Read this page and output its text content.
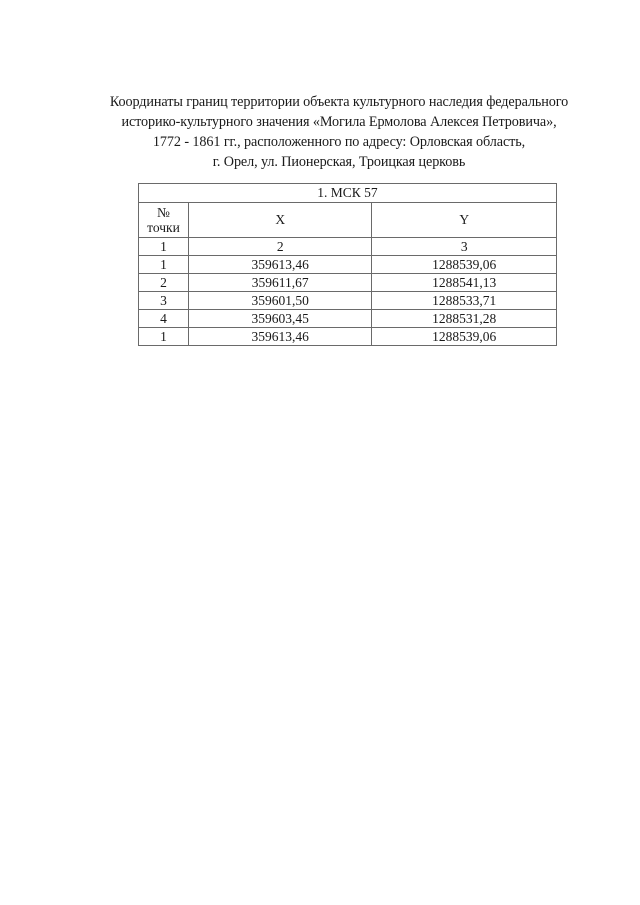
Координаты границ территории объекта культурного наследия федерального
историко-культурного значения «Могила Ермолова Алексея Петровича»,
1772 - 1861 гг., расположенного по адресу: Орловская область,
г. Орел, ул. Пионерская, Троицкая церковь
1. МСК 57		
№
точки	X	Y
1	2	3
1	359613,46	1288539,06
2	359611,67	1288541,13
3	359601,50	1288533,71
4	359603,45	1288531,28
1	359613,46	1288539,06
